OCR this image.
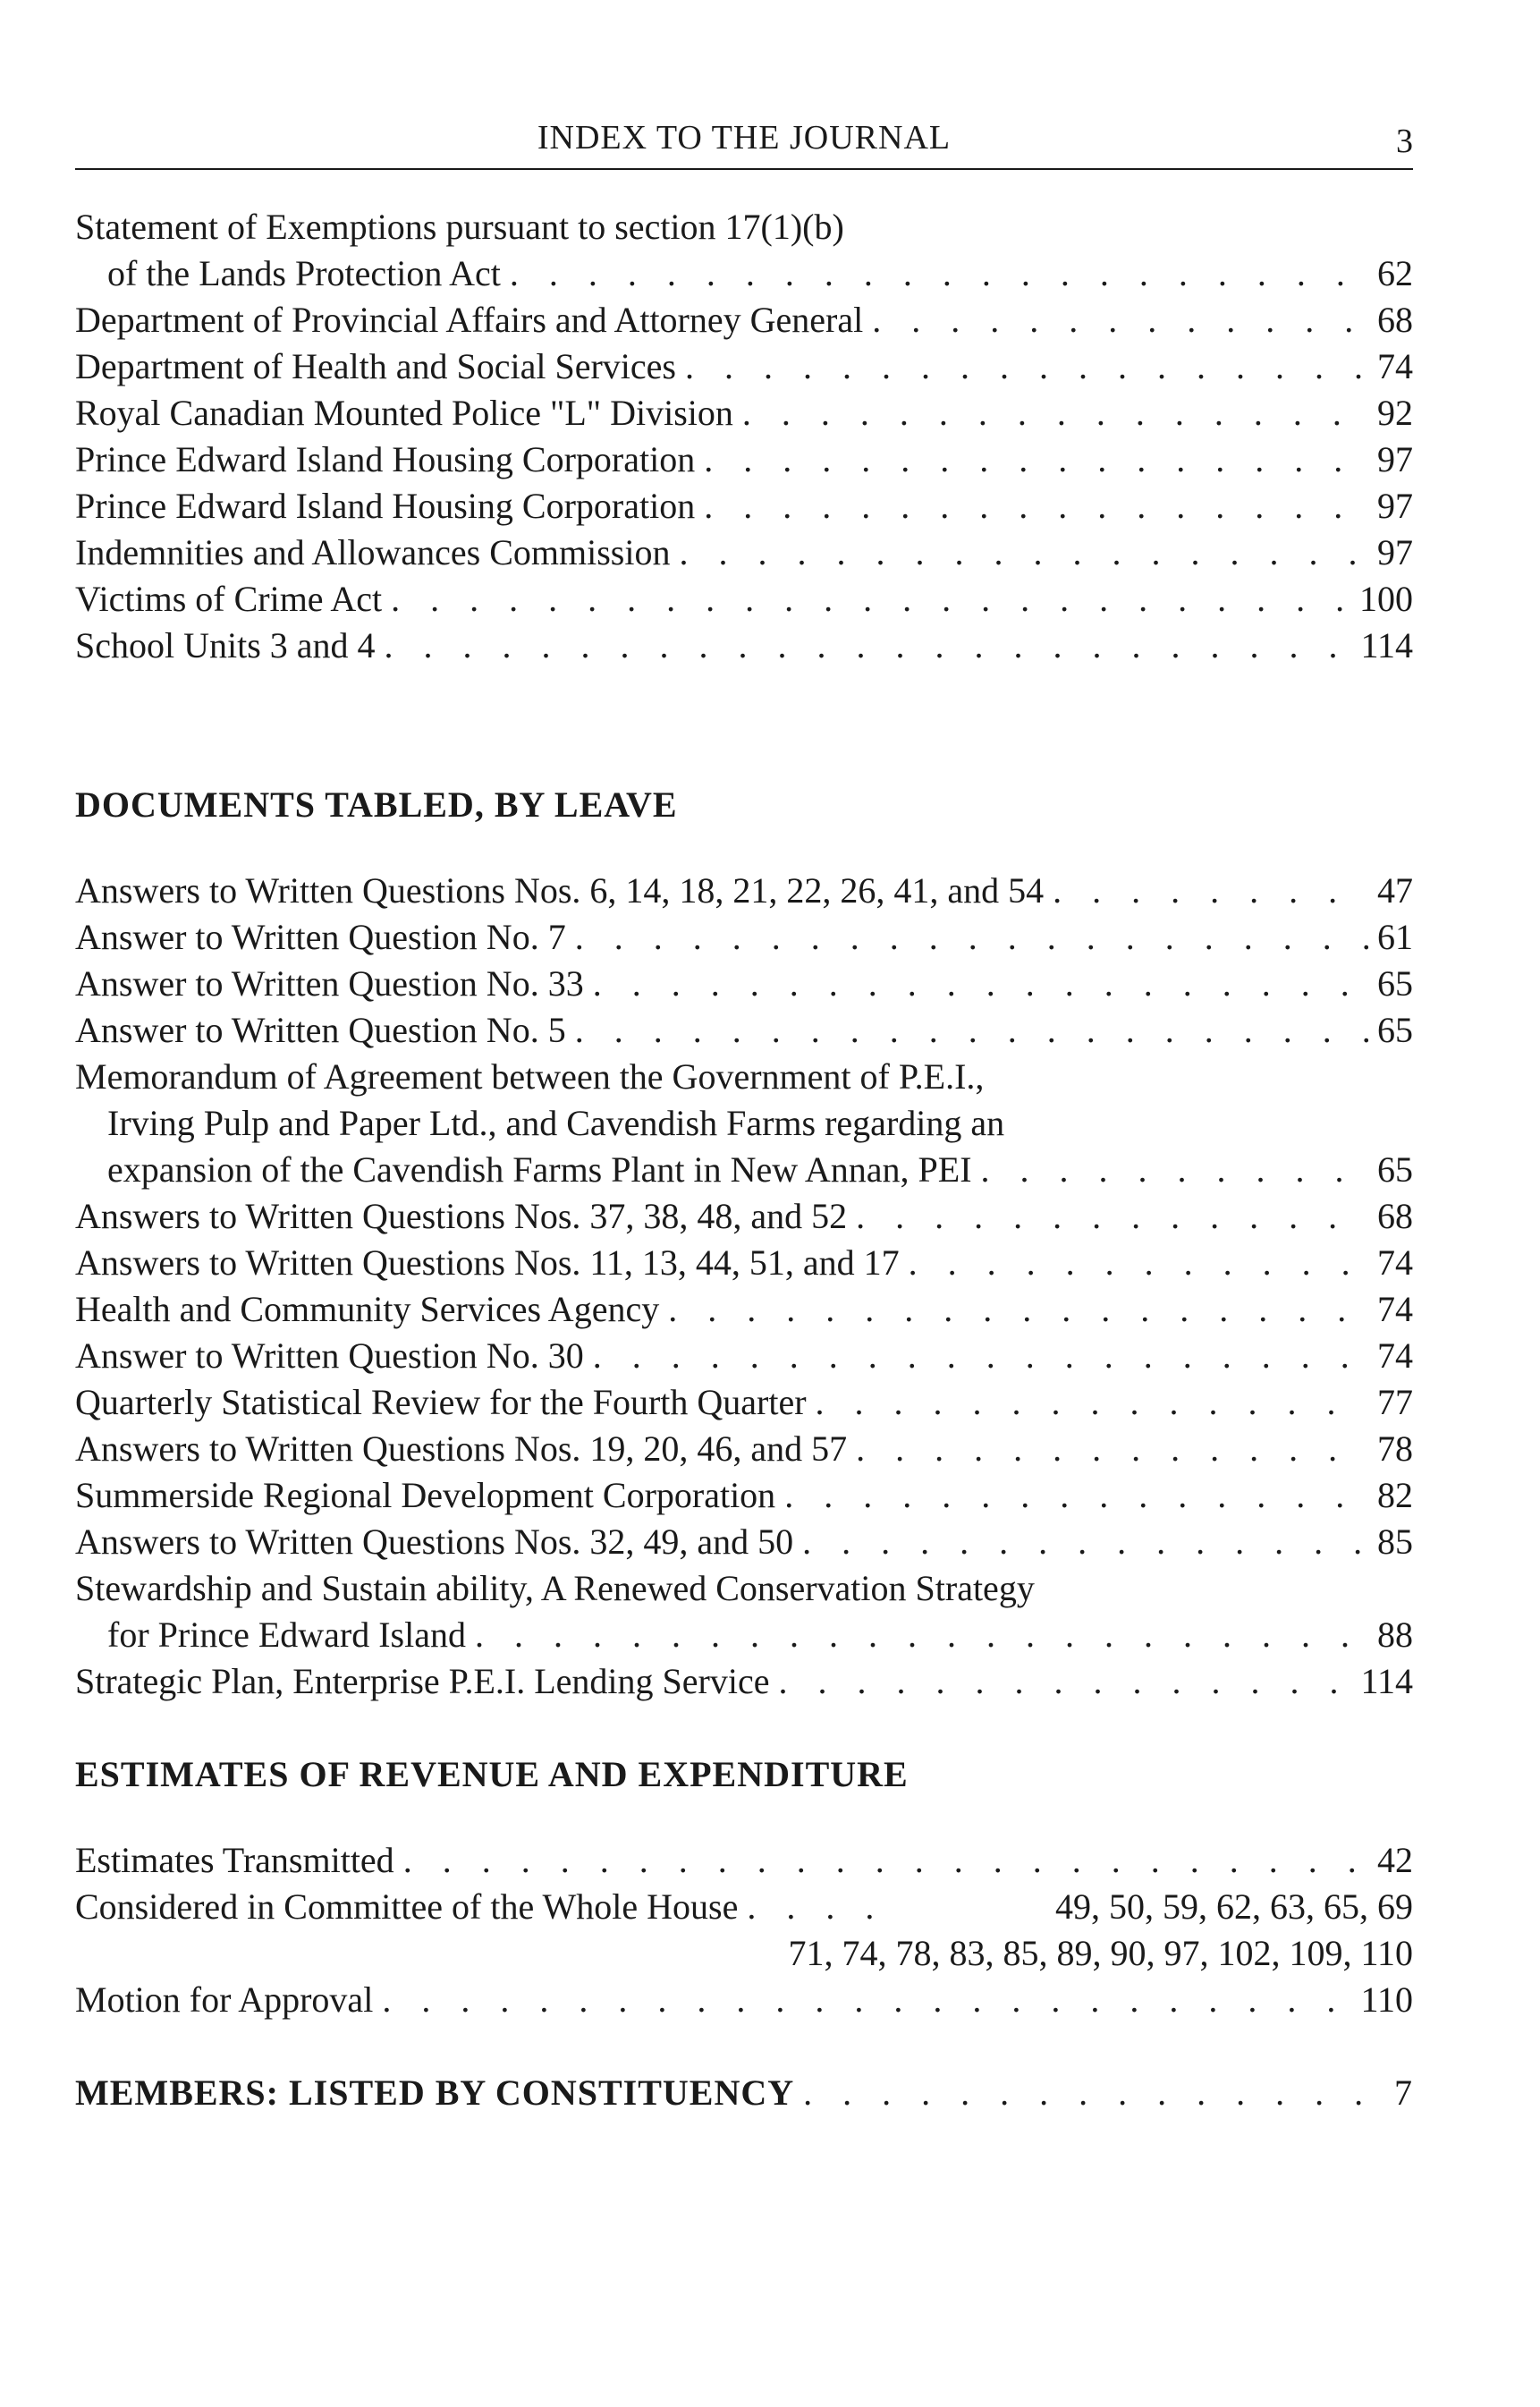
INDEX TO THE JOURNAL	3
Statement of Exemptions pursuant to section 17(1)(b)
of the Lands Protection Act . . .	62
Department of Provincial Affairs and Attorney General . . .	68
Department of Health and Social Services . . .	74
Royal Canadian Mounted Police "L" Division . . .	92
Prince Edward Island Housing Corporation . . .	97
Prince Edward Island Housing Corporation . . .	97
Indemnities and Allowances Commission . . .	97
Victims of Crime Act . . .	100
School Units 3 and 4 . . .	114
DOCUMENTS TABLED, BY LEAVE
Answers to Written Questions Nos. 6, 14, 18, 21, 22, 26, 41, and 54 . . .	47
Answer to Written Question No. 7 . . .	61
Answer to Written Question No. 33 . . .	65
Answer to Written Question No. 5 . . .	65
Memorandum of Agreement between the Government of P.E.I.,
Irving Pulp and Paper Ltd., and Cavendish Farms regarding an
expansion of the Cavendish Farms Plant in New Annan, PEI . . .	65
Answers to Written Questions Nos. 37, 38, 48, and 52 . . .	68
Answers to Written Questions Nos. 11, 13, 44, 51, and 17 . . .	74
Health and Community Services Agency . . .	74
Answer to Written Question No. 30 . . .	74
Quarterly Statistical Review for the Fourth Quarter . . .	77
Answers to Written Questions Nos. 19, 20, 46, and 57 . . .	78
Summerside Regional Development Corporation . . .	82
Answers to Written Questions Nos. 32, 49, and 50 . . .	85
Stewardship and Sustain ability, A Renewed Conservation Strategy
for Prince Edward Island . . .	88
Strategic Plan, Enterprise P.E.I. Lending Service . . .	114
ESTIMATES OF REVENUE AND EXPENDITURE
Estimates Transmitted . . .	42
Considered in Committee of the Whole House . . .	49, 50, 59, 62, 63, 65, 69
71, 74, 78, 83, 85, 89, 90, 97, 102, 109, 110
Motion for Approval . . .	110
MEMBERS: LISTED BY CONSTITUENCY . . .	7
